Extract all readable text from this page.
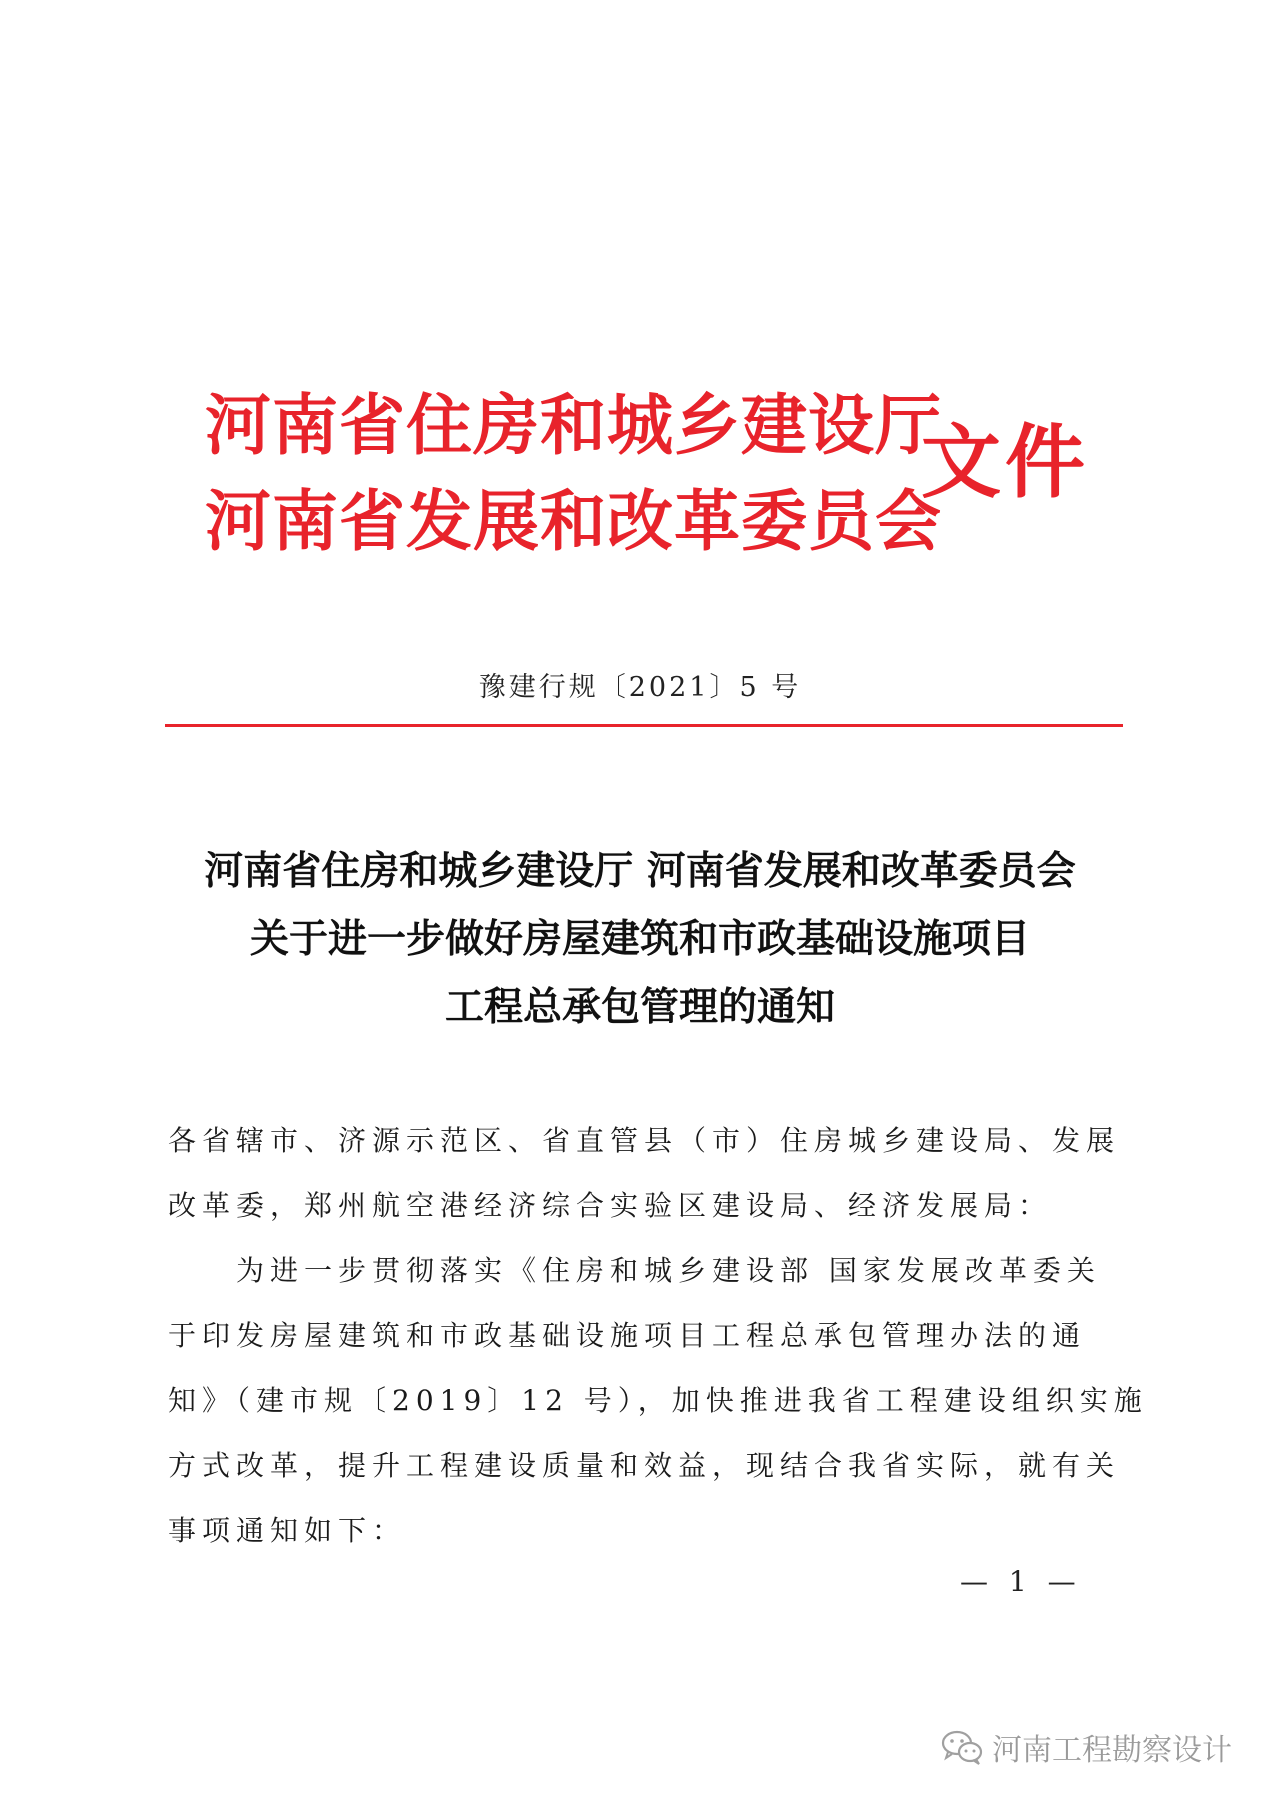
河南省住房和城乡建设厅
河南省发展和改革委员会
文件
豫建行规〔2021〕5 号
河南省住房和城乡建设厅 河南省发展和改革委员会
关于进一步做好房屋建筑和市政基础设施项目
工程总承包管理的通知
各省辖市、济源示范区、省直管县（市）住房城乡建设局、发展
改革委，郑州航空港经济综合实验区建设局、经济发展局：
为进一步贯彻落实《住房和城乡建设部 国家发展改革委关
于印发房屋建筑和市政基础设施项目工程总承包管理办法的通
知》（建市规〔2019〕12 号），加快推进我省工程建设组织实施
方式改革，提升工程建设质量和效益，现结合我省实际，就有关
事项通知如下：
— 1 —
河南工程勘察设计
